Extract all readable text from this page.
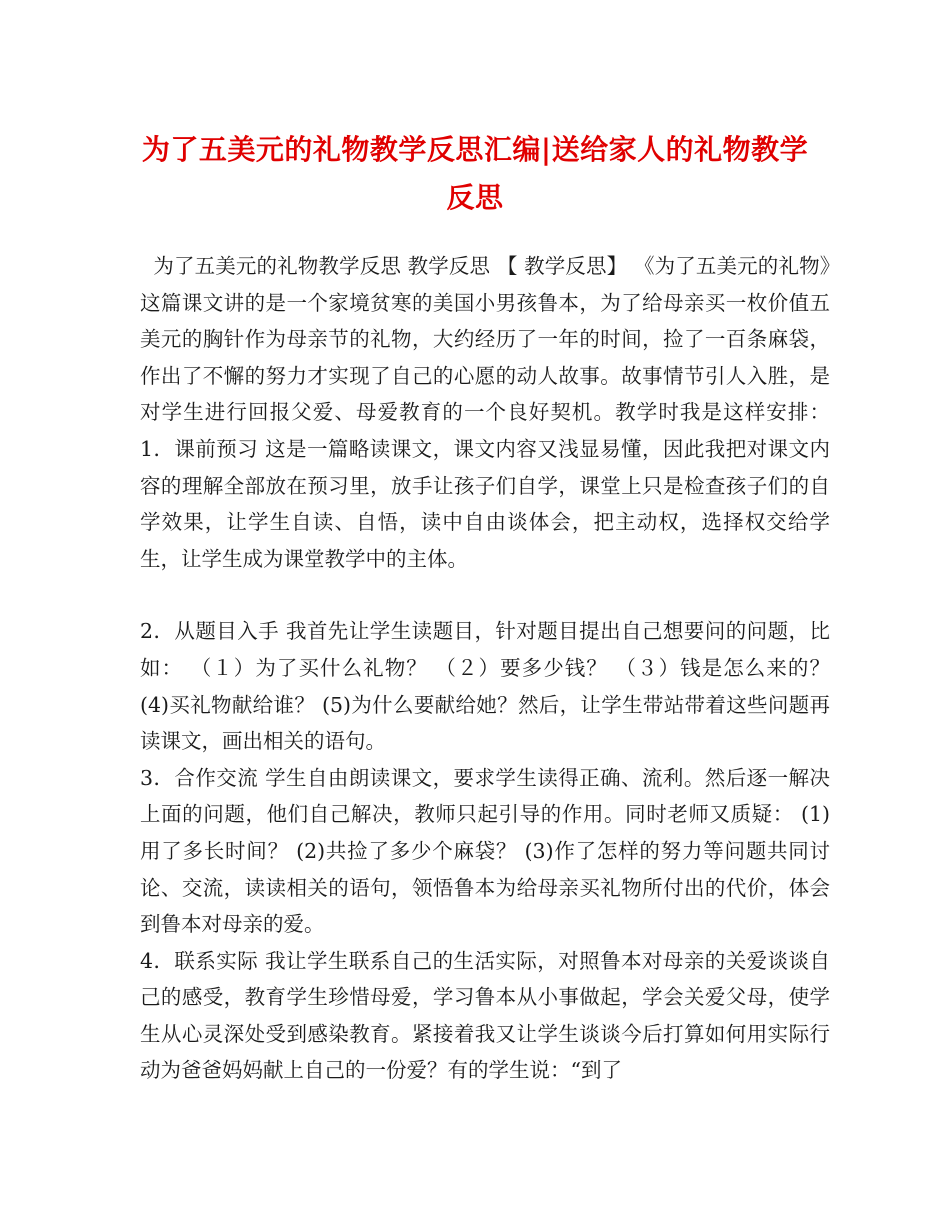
为了五美元的礼物教学反思汇编|送给家人的礼物教学反思

为了五美元的礼物教学反思 教学反思 【 教学反思】 《为了五美元的礼物》这篇课文讲的是一个家境贫寒的美国小男孩鲁本，为了给母亲买一枚价值五美元的胸针作为母亲节的礼物，大约经历了一年的时间，捡了一百条麻袋，作出了不懈的努力才实现了自己的心愿的动人故事。故事情节引人入胜，是对学生进行回报父爱、母爱教育的一个良好契机。教学时我是这样安排：  1．课前预习 这是一篇略读课文，课文内容又浅显易懂，因此我把对课文内容的理解全部放在预习里，放手让孩子们自学，课堂上只是检查孩子们的自学效果，让学生自读、自悟，读中自由谈体会，把主动权，选择权交给学生，让学生成为课堂教学中的主体。

2．从题目入手 我首先让学生读题目，针对题目提出自己想要问的问题，比如： （１）为了买什么礼物？ （２）要多少钱？ （３）钱是怎么来的？ (4)买礼物献给谁？ (5)为什么要献给她？然后，让学生带站带着这些问题再读课文，画出相关的语句。

3．合作交流 学生自由朗读课文，要求学生读得正确、流利。然后逐一解决上面的问题，他们自己解决，教师只起引导的作用。同时老师又质疑： (1)用了多长时间？ (2)共捡了多少个麻袋？ (3)作了怎样的努力等问题共同讨论、交流，读读相关的语句，领悟鲁本为给母亲买礼物所付出的代价，体会到鲁本对母亲的爱。

4．联系实际 我让学生联系自己的生活实际，对照鲁本对母亲的关爱谈谈自己的感受，教育学生珍惜母爱，学习鲁本从小事做起，学会关爱父母，使学生从心灵深处受到感染教育。紧接着我又让学生谈谈今后打算如何用实际行动为爸爸妈妈献上自己的一份爱？有的学生说：“到了
